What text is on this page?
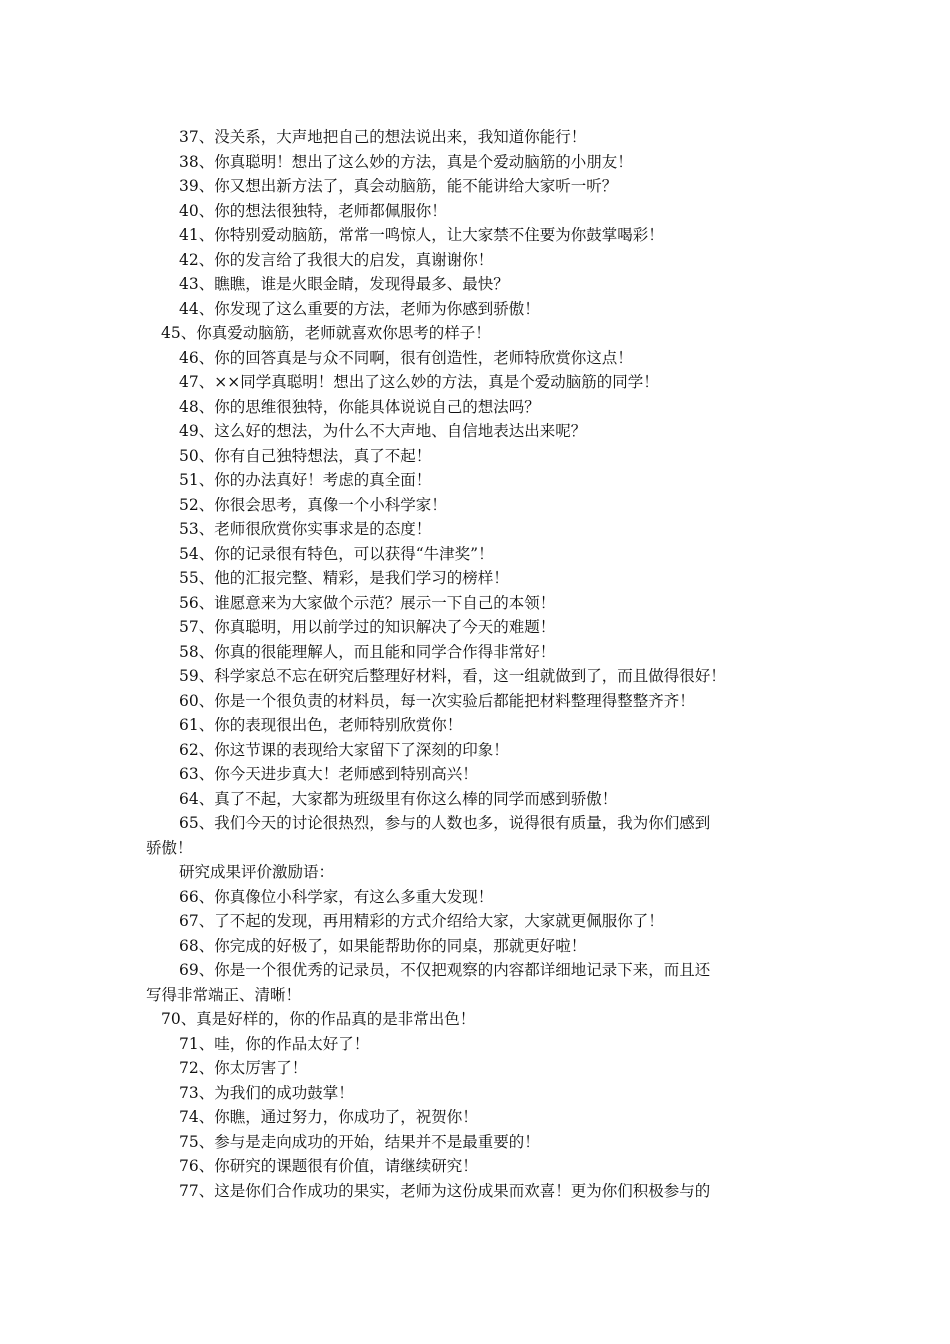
37、没关系，大声地把自己的想法说出来，我知道你能行！
38、你真聪明！想出了这么妙的方法，真是个爱动脑筋的小朋友！
39、你又想出新方法了，真会动脑筋，能不能讲给大家听一听？
40、你的想法很独特，老师都佩服你！
41、你特别爱动脑筋，常常一鸣惊人，让大家禁不住要为你鼓掌喝彩！
42、你的发言给了我很大的启发，真谢谢你！
43、瞧瞧，谁是火眼金睛，发现得最多、最快？
44、你发现了这么重要的方法，老师为你感到骄傲！
45、你真爱动脑筋，老师就喜欢你思考的样子！
46、你的回答真是与众不同啊，很有创造性，老师特欣赏你这点！
47、××同学真聪明！想出了这么妙的方法，真是个爱动脑筋的同学！
48、你的思维很独特，你能具体说说自己的想法吗？
49、这么好的想法，为什么不大声地、自信地表达出来呢？
50、你有自己独特想法，真了不起！
51、你的办法真好！考虑的真全面！
52、你很会思考，真像一个小科学家！
53、老师很欣赏你实事求是的态度！
54、你的记录很有特色，可以获得“牛津奖”！
55、他的汇报完整、精彩，是我们学习的榜样！
56、谁愿意来为大家做个示范？展示一下自己的本领！
57、你真聪明，用以前学过的知识解决了今天的难题！
58、你真的很能理解人，而且能和同学合作得非常好！
59、科学家总不忘在研究后整理好材料，看，这一组就做到了，而且做得很好！
60、你是一个很负责的材料员，每一次实验后都能把材料整理得整整齐齐！
61、你的表现很出色，老师特别欣赏你！
62、你这节课的表现给大家留下了深刻的印象！
63、你今天进步真大！老师感到特别高兴！
64、真了不起，大家都为班级里有你这么棒的同学而感到骄傲！
65、我们今天的讨论很热烈，参与的人数也多，说得很有质量，我为你们感到
骄傲！
研究成果评价激励语：
66、你真像位小科学家，有这么多重大发现！
67、了不起的发现，再用精彩的方式介绍给大家，大家就更佩服你了！
68、你完成的好极了，如果能帮助你的同桌，那就更好啦！
69、你是一个很优秀的记录员，不仅把观察的内容都详细地记录下来，而且还
写得非常端正、清晰！
70、真是好样的，你的作品真的是非常出色！
71、哇，你的作品太好了！
72、你太厉害了！
73、为我们的成功鼓掌！
74、你瞧，通过努力，你成功了，祝贺你！
75、参与是走向成功的开始，结果并不是最重要的！
76、你研究的课题很有价值，请继续研究！
77、这是你们合作成功的果实，老师为这份成果而欢喜！更为你们积极参与的
